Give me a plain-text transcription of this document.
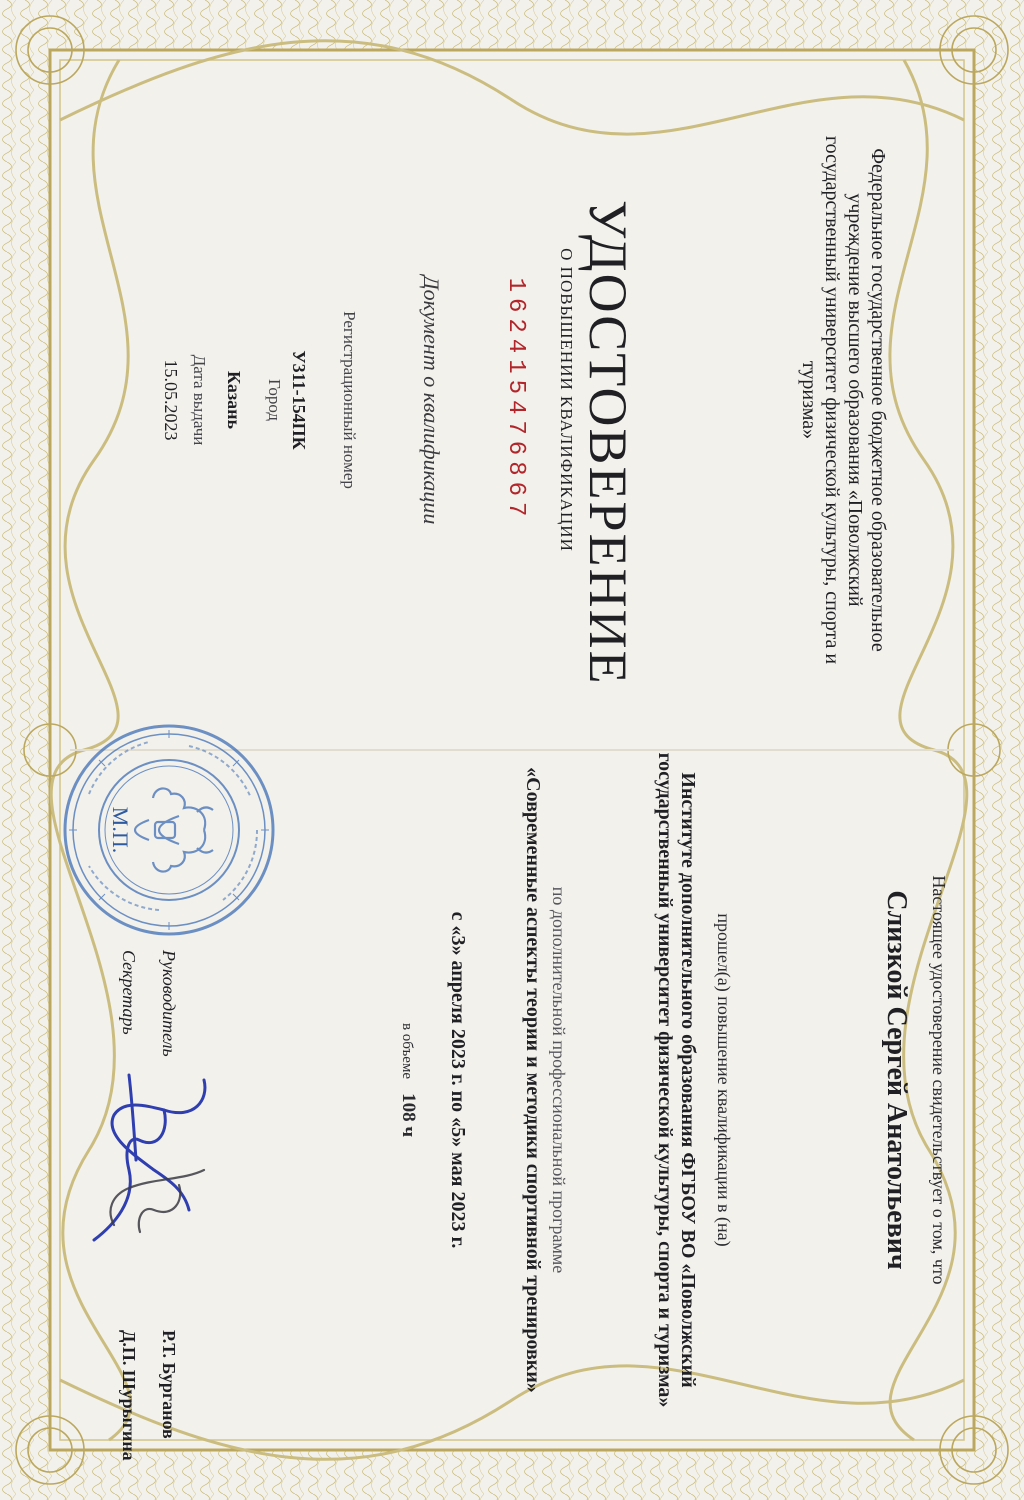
Федеральное государственное бюджетное образовательное учреждение высшего образования «Поволжский государственный университет физической культуры, спорта и туризма»
УДОСТОВЕРЕНИЕ
О ПОВЫШЕНИИ КВАЛИФИКАЦИИ
162415476867
Документ о квалификации
Регистрационный номер
У311-154ПК
Город
Казань
Дата выдачи
15.05.2023
Настоящее удостоверение свидетельствует о том, что
Слизкой Сергей Анатольевич
прошел(а) повышение квалификации в (на)
Институте дополнительного образования ФГБОУ ВО «Поволжский государственный университет физической культуры, спорта и туризма»
по дополнительной профессиональной программе
«Современные аспекты теории и методики спортивной тренировки»
с «3» апреля 2023 г. по «5» мая 2023 г.
в объеме108 ч
Руководитель
Р.Т. Бурганов
Секретарь
Д.П. Шурыгина
М.П.
